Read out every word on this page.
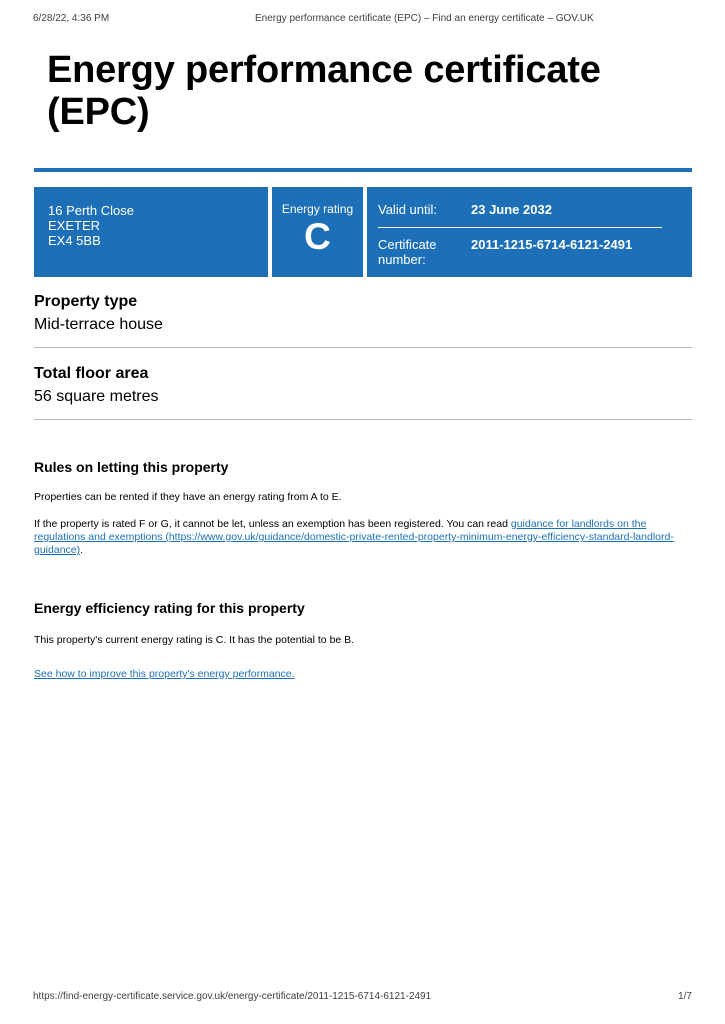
6/28/22, 4:36 PM	Energy performance certificate (EPC) – Find an energy certificate – GOV.UK
Energy performance certificate (EPC)
16 Perth Close
EXETER
EX4 5BB
Energy rating
C
Valid until:	23 June 2032
Certificate number:
2011-1215-6714-6121-2491
Property type
Mid-terrace house
Total floor area
56 square metres
Rules on letting this property

Properties can be rented if they have an energy rating from A to E.

If the property is rated F or G, it cannot be let, unless an exemption has been registered. You can read guidance for landlords on the regulations and exemptions (https://www.gov.uk/guidance/domestic-private-rented-property-minimum-energy-efficiency-standard-landlord-guidance).

Energy efficiency rating for this property

This property's current energy rating is C. It has the potential to be B.

See how to improve this property's energy performance.

https://find-energy-certificate.service.gov.uk/energy-certificate/2011-1215-6714-6121-2491	1/7
